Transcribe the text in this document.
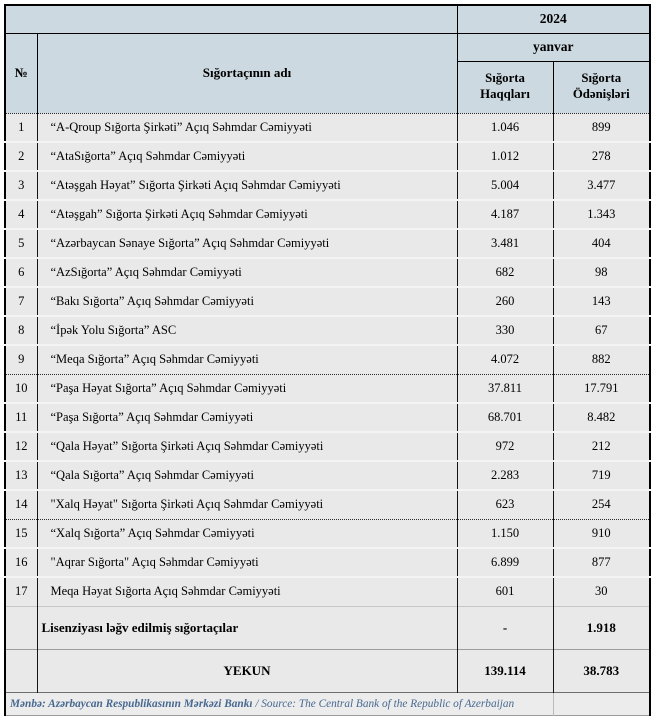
		2024	
№	Sığortaçının adı	yanvar	
		Sığorta Haqqları	Sığorta Ödənişləri
1	“A-Qroup Sığorta Şirkəti” Açıq Səhmdar Cəmiyyəti	1.046	899
2	“AtaSığorta” Açıq Səhmdar Cəmiyyəti	1.012	278
3	“Atəşgah Həyat” Sığorta Şirkəti Açıq Səhmdar Cəmiyyəti	5.004	3.477
4	“Atəşgah” Sığorta Şirkəti Açıq Səhmdar Cəmiyyəti	4.187	1.343
5	“Azərbaycan Sənaye Sığorta” Açıq Səhmdar Cəmiyyəti	3.481	404
6	“AzSığorta” Açıq Səhmdar Cəmiyyəti	682	98
7	“Bakı Sığorta” Açıq Səhmdar Cəmiyyəti	260	143
8	“İpək Yolu Sığorta” ASC	330	67
9	“Meqa Sığorta” Açıq Səhmdar Cəmiyyəti	4.072	882
10	“Paşa Həyat Sığorta” Açıq Səhmdar Cəmiyyəti	37.811	17.791
11	“Paşa Sığorta” Açıq Səhmdar Cəmiyyəti	68.701	8.482
12	“Qala Həyat” Sığorta Şirkəti Açıq Səhmdar Cəmiyyəti	972	212
13	“Qala Sığorta” Açıq Səhmdar Cəmiyyəti	2.283	719
14	"Xalq Həyat" Sığorta Şirkəti Açıq Səhmdar Cəmiyyəti	623	254
15	“Xalq Sığorta” Açıq Səhmdar Cəmiyyəti	1.150	910
16	"Aqrar Sığorta" Açıq Səhmdar Cəmiyyəti	6.899	877
17	Meqa Həyat Sığorta Açıq Səhmdar Cəmiyyəti	601	30
	Lisenziyası ləğv edilmiş sığortaçılar	-	1.918
	YEKUN	139.114	38.783
Mənbə: Azərbaycan Respublikasının Mərkəzi Bankı / Source: The Central Bank of the Republic of Azerbaijan			
